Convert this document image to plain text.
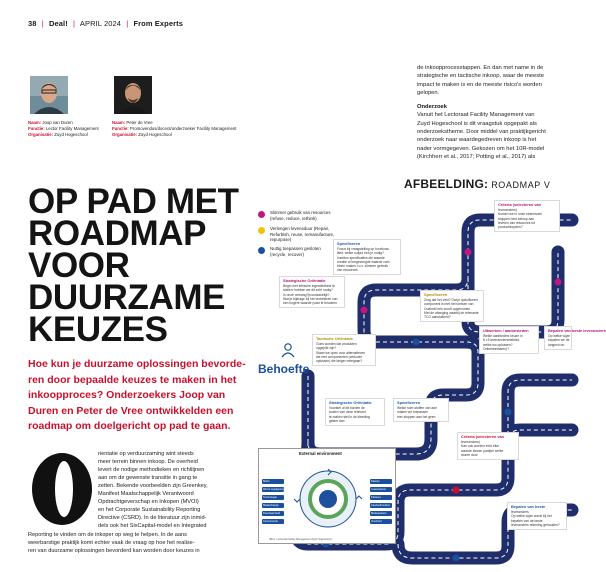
38 | Deal! | APRIL 2024 | From Experts
Naam: Joop van Duren
Functie: Lector Facility Management
Organisatie: Zuyd Hogeschool
Naam: Peter de Vree
Functie: Promovendus/docent/onderzoeker Facility Management
Organisatie: Zuyd Hogeschool
OP PAD MET
ROADMAP
VOOR
DUURZAME
KEUZES
Hoe kun je duurzame oplossingen bevorde-
ren door bepaalde keuzes te maken in het
inkoopproces? Onderzoekers Joop van
Duren en Peter de Vree ontwikkelden een
roadmap om doelgericht op pad te gaan.
rientatie op verduurzaming wint steeds
meer terrein binnen inkoop. De overheid
levert de nodige methodieken en richtlijnen
aan om de gewenste transitie in gang te
zetten. Bekende voorbeelden zijn Greenkey,
Manifest Maatschappelijk Verantwoord
Opdrachtgeverschap en Inkopen (MVOI)
en het Corporate Sustainability Reporting
Directive (CSRD). In de literatuur zijn inmid-
dels ook het SixCapital-model en Integrated
Reporting te vinden om de inkoper op weg te helpen. In de aans
weerbarstige praktijk komt echter vaak de vraag op hoe het realise-
ren van duurzame oplossingen bevorderd kan worden door keuzes in
de inkoopprocesstappen. En dan met name in de
strategische en tactische inkoop, waar de meeste
impact te maken is en de meeste risico's worden
gelopen.
Onderzoek
Vanuit het Lectoraat Facility Management van
Zuyd Hogeschool is dit vraagstuk opgepakt als
onderzoekstheme. Door middel van praktijkgericht
onderzoek naar waardegedreven inkoop is het
nader vormgegeven. Gekozen om het 10R-model
(Kirchherr et al., 2017; Potting et al., 2017) als
AFBEELDING: ROADMAP V
Slimmer gebruik van resources
(refuse, reduce, rethink)
Verlengen levensduur (Repair,
Refurbish, reuse, remanufacture,
repurpose)
Nuttig toepassen gesloten
(recycle, recover)
Specificeren
Focus bij vraagstelling op functiona-
liteit: welke output heb je nodig?
Inzetten specificaties die waarde
creatie of toegevoegde waarde com-
binen maken t.o.v. slimmer gebruik
van resources
Strategische Oriëntatie
Begin met kritische ingesteldheid te
stellen: hebben we dit echt nodig?
In onze omvang?(noodzakelijk?
Wat je bijdrage bij het verbeteren van
een hogere waarde (vaar te bewaren
Tactische Oriëntatie
Goes worden dat produkten
opgepikt zijn?
Staan we open voor alternatieven
die met componenten (verkocht
oplossen) die langer meegaan?
Specificeren
Zorg dat het veld? Dat je specificeert
component is met het toetsen van
Oudheid erin wordt opgenomen
Met de afweging waarbij de relevante
TCO aansluitend?
Strategische Oriëntatie
Voorstel of dit borden de
kosten van deze relevant
te maken stel in de kleeding
geldet dan
Specificeren
Welke ruim stoffen van aan
maken we toepassen
mer stoppen aan het geen
Criteria (selecteren van
leveranciers)
Kan ook worden echt elke
waarde kiezen partijen welke
sturen door
Criteria (selecteren van
leveranciers)
Komen we in onze eiremisnen
stoppen heid beloop aan
leveren van resources tot
productiecycles?
Uitwerken / aanbesteden
Welke aanbieders keuze in
6 t.5 leverancierselekties
welke wo oplossen?
Onbeheerbaren)?
Bepalen van beste leveranciers
Op welke wijze
bepalen we de
longest run
Bepalen van beste
leveranciers
Op welke wijze wordt bij het
bepalen van de beste
leveranciers rekening gehouden?
Behoefte
External environment
Markt
Wet & regelgeving
Technologie
Maatschappij
Duurzaamheid
Concurrentie
Klanten
Leveranciers
Partners
Aandeelhouders
Medewerkers
Overheid
(Bron: Lectoraat Facility Management Zuyd Hogeschool)
